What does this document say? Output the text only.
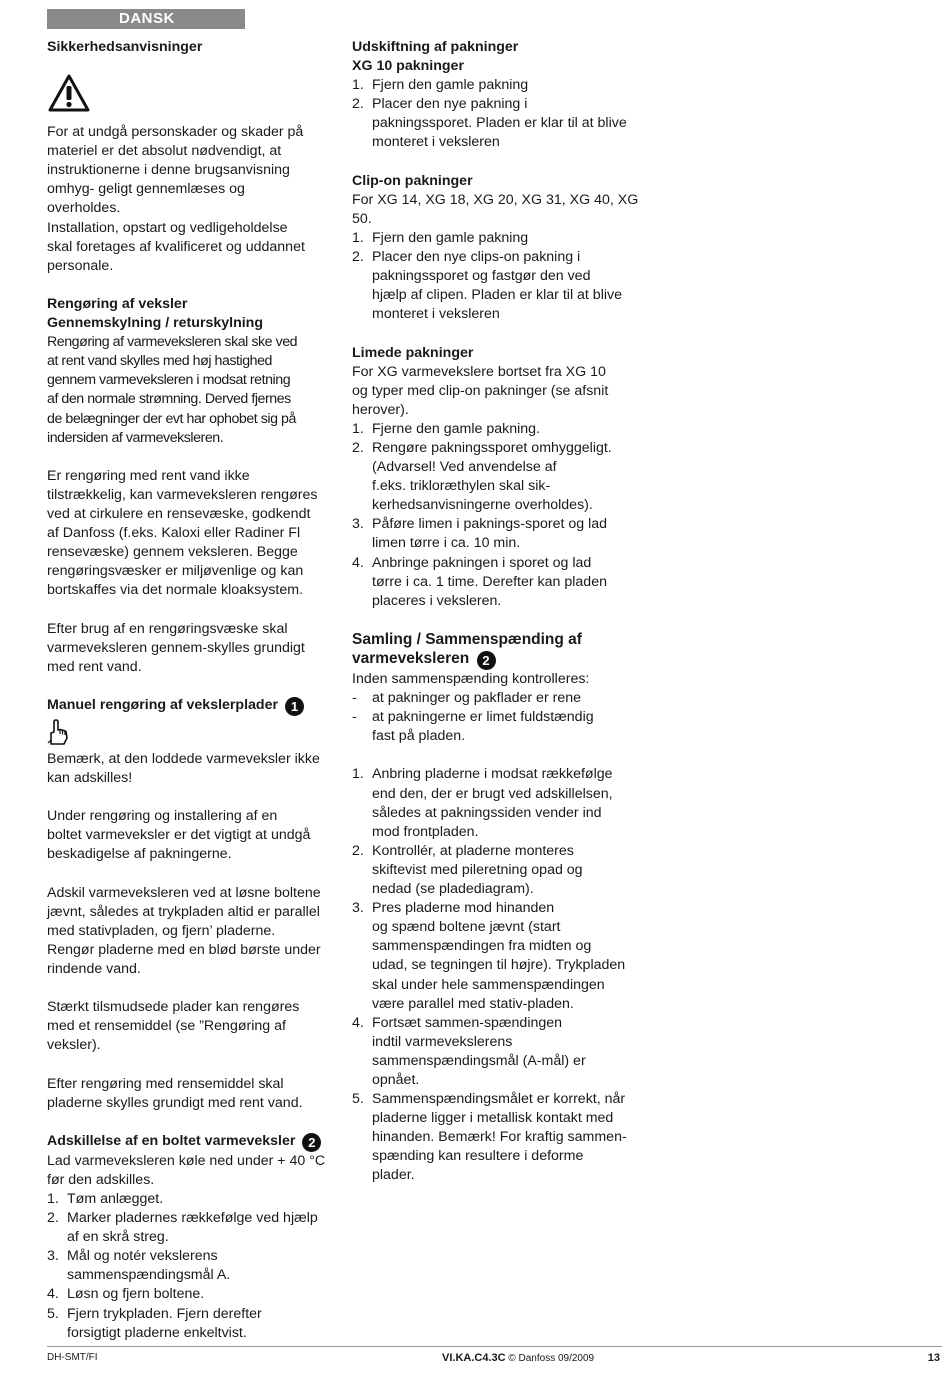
DANSK

Sikkerhedsanvisninger

For at undgå personskader og skader på
materiel er det absolut nødvendigt, at
instruktionerne i denne brugsanvisning
omhyg- geligt gennemlæses og
overholdes.
Installation, opstart og vedligeholdelse
skal foretages af kvalificeret og uddannet
personale.

Rengøring af veksler

Gennemskylning / returskylning

Rengøring af varmeveksleren skal ske ved
at rent vand skylles med høj hastighed
gennem varmeveksleren i modsat retning
af den normale strømning. Derved fjernes
de belægninger der evt har ophobet sig på
indersiden af varmeveksleren.
Er rengøring med rent vand ikke
tilstrækkelig, kan varmeveksleren rengøres
ved at cirkulere en rensevæske, godkendt
af Danfoss (f.eks. Kaloxi eller Radiner Fl
rensevæske) gennem veksleren. Begge
rengøringsvæsker er miljøvenlige og kan
bortskaffes via det normale kloaksystem.
Efter brug af en rengøringsvæske skal
varmeveksleren gennem-skylles grundigt
med rent vand.

Manuel rengøring af vekslerplader 1

Bemærk, at den loddede varmeveksler ikke
kan adskilles!
Under rengøring og installering af en
boltet varmeveksler er det vigtigt at undgå
beskadigelse af pakningerne.
Adskil varmeveksleren ved at løsne boltene
jævnt, således at trykpladen altid er parallel
med stativpladen, og fjern’ pladerne.
Rengør pladerne med en blød børste under
rindende vand.
Stærkt tilsmudsede plader kan rengøres
med et rensemiddel (se ”Rengøring af
veksler).
Efter rengøring med rensemiddel skal
pladerne skylles grundigt med rent vand.

Adskillelse af en boltet varmeveksler 2

Lad varmeveksleren køle ned under + 40 °C
før den adskilles.
1. Tøm anlægget.
2. Marker pladernes rækkefølge ved hjælp
af en skrå streg.
3. Mål og notér vekslerens
sammenspændingsmål A.
4. Løsn og fjern boltene.
5. Fjern trykpladen. Fjern derefter
forsigtigt pladerne enkeltvist.

Udskiftning af pakninger

XG 10 pakninger

1. Fjern den gamle pakning
2. Placer den nye pakning i
pakningssporet. Pladen er klar til at blive
monteret i veksleren

Clip-on pakninger

For XG 14, XG 18, XG 20, XG 31, XG 40, XG 50.

1. Fjern den gamle pakning
2. Placer den nye clips-on pakning i
pakningssporet og fastgør den ved
hjælp af clipen. Pladen er klar til at blive
monteret i veksleren

Limede pakninger

For XG varmevekslere bortset fra XG 10
og typer med clip-on pakninger (se afsnit
herover).
1. Fjerne den gamle pakning.
2. Rengøre pakningssporet omhyggeligt.
(Advarsel! Ved anvendelse af
f.eks. trikloræthylen skal sik-
kerhedsanvisningerne overholdes).
3. Påføre limen i paknings-sporet og lad
limen tørre i ca. 10 min.
4. Anbringe pakningen i sporet og lad
tørre i ca. 1 time. Derefter kan pladen
placeres i veksleren.

Samling / Sammenspænding af

varmeveksleren 2

Inden sammenspænding kontrolleres:

- at pakninger og pakflader er rene
- at pakningerne er limet fuldstændig
fast på pladen.
1. Anbring pladerne i modsat rækkefølge
end den, der er brugt ved adskillelsen,
således at pakningssiden vender ind
mod frontpladen.
2. Kontrollér, at pladerne monteres
skiftevist med pileretning opad og
nedad (se pladediagram).
3. Pres pladerne mod hinanden
og spænd boltene jævnt (start
sammenspændingen fra midten og
udad, se tegningen til højre). Trykpladen
skal under hele sammenspændingen
være parallel med stativ-pladen.
4. Fortsæt sammen-spændingen
indtil varmevekslerens
sammenspændingsmål (A-mål) er
opnået.
5. Sammenspændingsmålet er korrekt, når
pladerne ligger i metallisk kontakt med
hinanden. Bemærk! For kraftig sammen-
spænding kan resultere i deformе
plader.
DH-SMT/FI	VI.KA.C4.3C © Danfoss 09/2009	13
